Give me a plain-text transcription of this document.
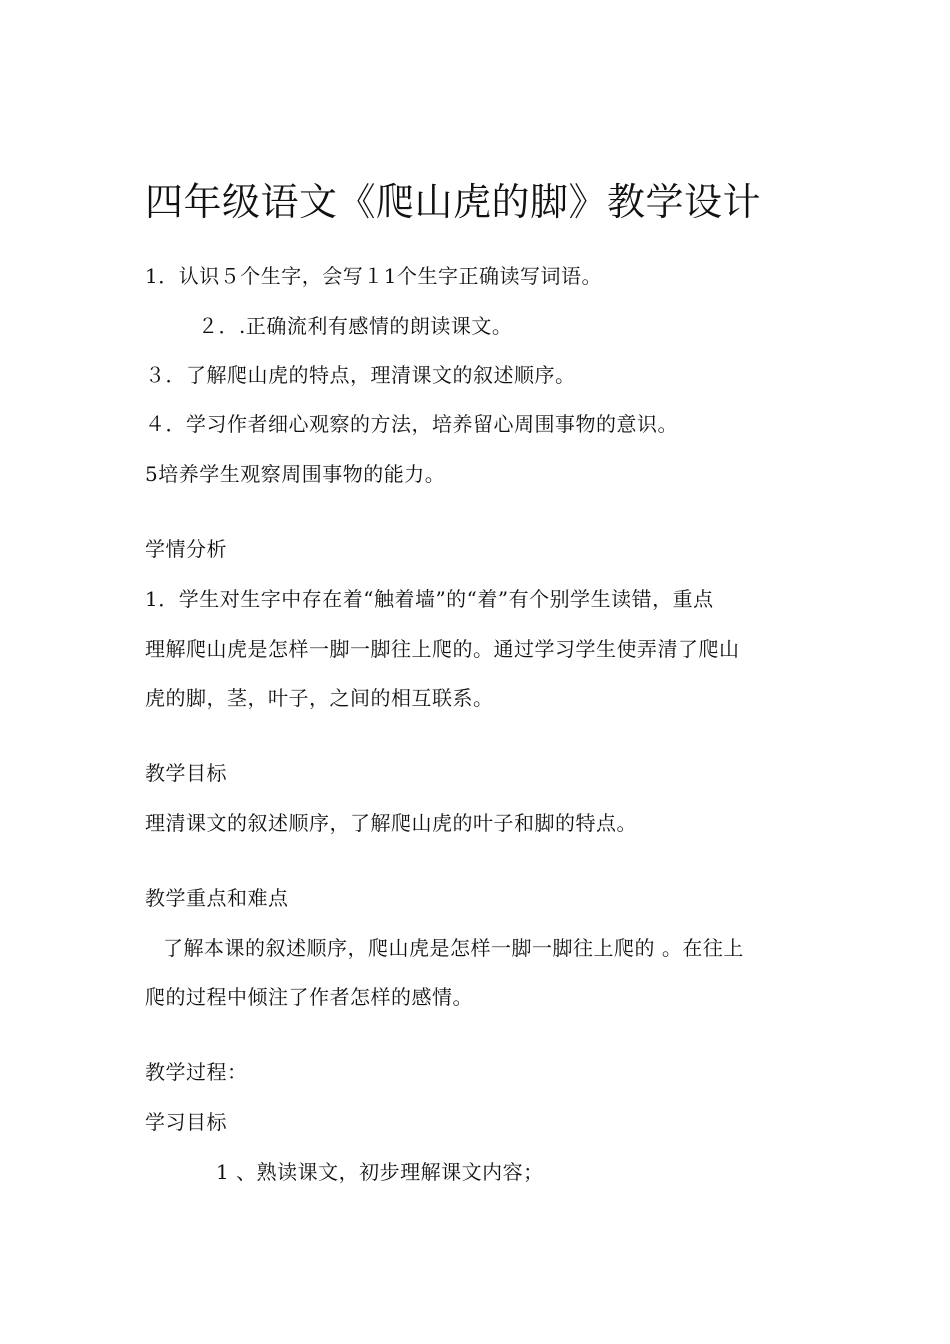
四年级语文《爬山虎的脚》教学设计
1．认识５个生字，会写１1个生字正确读写词语。
２．.正确流利有感情的朗读课文。
３．了解爬山虎的特点，理清课文的叙述顺序。
４．学习作者细心观察的方法，培养留心周围事物的意识。
5培养学生观察周围事物的能力。
学情分析
1．学生对生字中存在着“触着墙”的“着”有个别学生读错，重点
理解爬山虎是怎样一脚一脚往上爬的。通过学习学生使弄清了爬山
虎的脚，茎，叶子，之间的相互联系。
教学目标
理清课文的叙述顺序，了解爬山虎的叶子和脚的特点。
教学重点和难点
了解本课的叙述顺序，爬山虎是怎样一脚一脚往上爬的 。在往上
爬的过程中倾注了作者怎样的感情。
教学过程：
学习目标
1 、熟读课文，初步理解课文内容；
